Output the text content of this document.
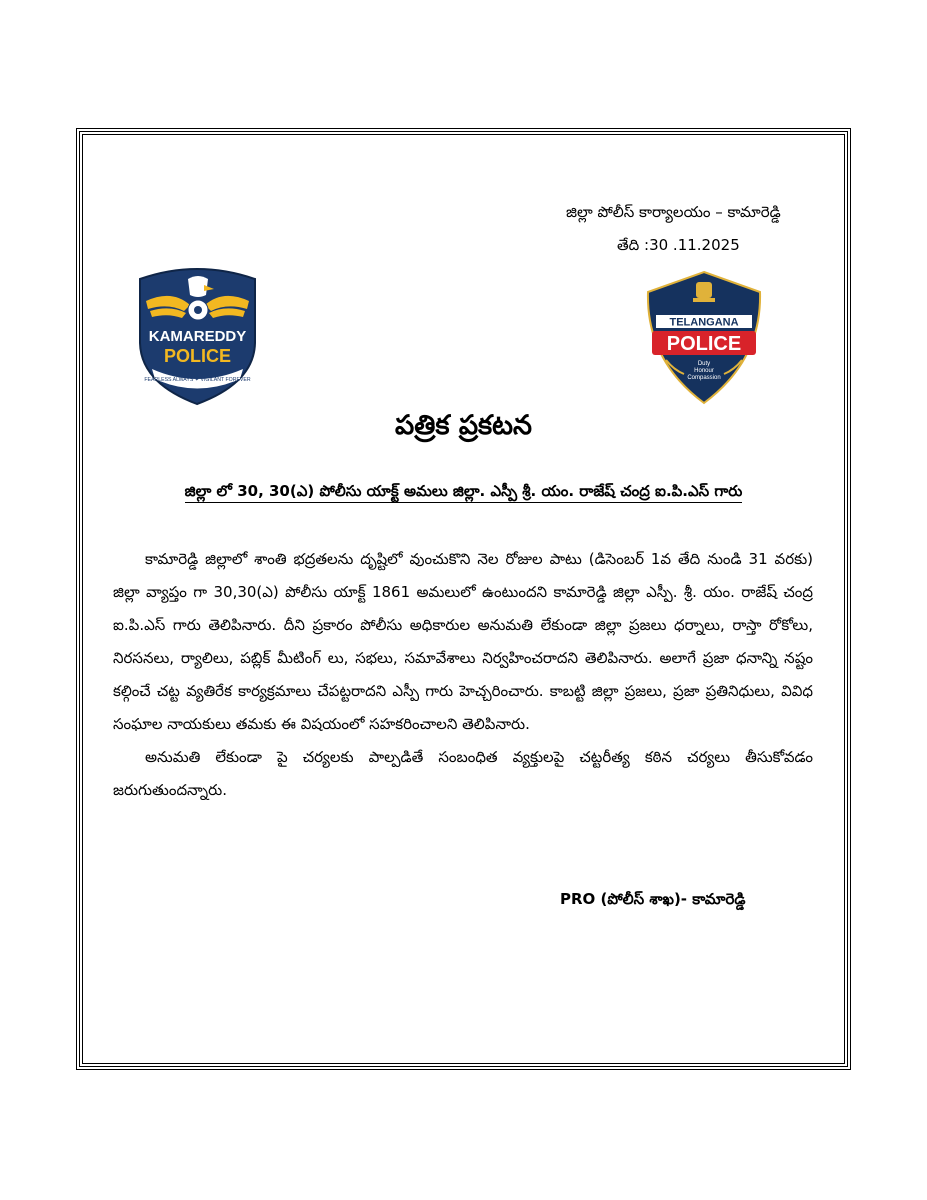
జిల్లా పోలీస్ కార్యాలయం – కామారెడ్డి
తేది :30 .11.2025
KAMAREDDY
POLICE
FEARLESS ALWAYS ✦ VIGILANT FOREVER
TELANGANA
POLICE
Duty
Honour
Compassion
పత్రిక ప్రకటన
జిల్లా లో 30, 30(ఎ) పోలీసు యాక్ట్ అమలు జిల్లా. ఎస్పీ శ్రీ. యం. రాజేష్ చంద్ర ఐ.పి.ఎస్ గారు

కామారెడ్డి జిల్లాలో శాంతి భద్రతలను దృష్టిలో వుంచుకొని నెల రోజుల పాటు (డిసెంబర్ 1వ తేది నుండి 31 వరకు) జిల్లా వ్యాప్తం గా 30,30(ఎ) పోలీసు యాక్ట్ 1861 అమలులో ఉంటుందని కామారెడ్డి జిల్లా ఎస్పీ. శ్రీ. యం. రాజేష్ చంద్ర ఐ.పి.ఎస్ గారు తెలిపినారు. దీని ప్రకారం పోలీసు అధికారుల అనుమతి లేకుండా జిల్లా ప్రజలు ధర్నాలు, రాస్తా రోకోలు, నిరసనలు, ర్యాలిలు, పబ్లిక్ మీటింగ్ లు, సభలు, సమావేశాలు నిర్వహించరాదని తెలిపినారు. అలాగే ప్రజా ధనాన్ని నష్టం కల్గించే చట్ట వ్యతిరేక కార్యక్రమాలు చేపట్టరాదని ఎస్పీ గారు హెచ్చరించారు. కాబట్టి జిల్లా ప్రజలు, ప్రజా ప్రతినిధులు, వివిధ సంఘాల నాయకులు తమకు ఈ విషయంలో సహకరించాలని తెలిపినారు.

అనుమతి లేకుండా పై చర్యలకు పాల్పడితే సంబంధిత వ్యక్తులపై చట్టరీత్య కఠిన చర్యలు తీసుకోవడం జరుగుతుందన్నారు.

PRO (పోలీస్ శాఖ)- కామారెడ్డి
